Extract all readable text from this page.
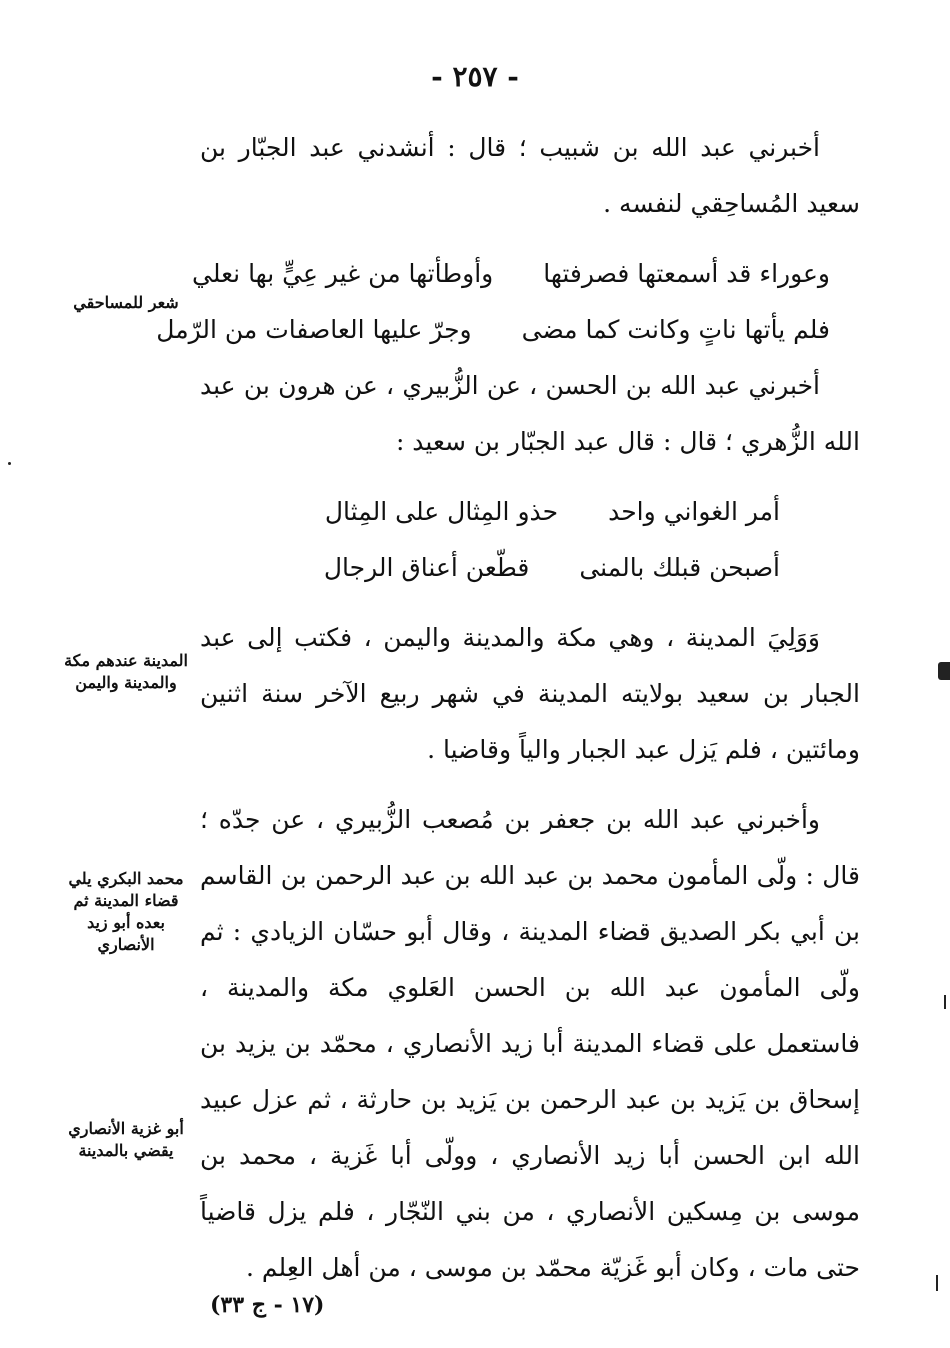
- ٢٥٧ -

أخبرني عبد الله بن شبيب ؛ قال : أنشدني عبد الجبّار بن سعيد المُساحِقي لنفسه .

وعوراء قد أسمعتها فصرفتها
وأوطأتها من غير عِيٍّ بها نعلي
فلم يأتها ناتٍ وكانت كما مضى
وجرّ عليها العاصفات من الرّمل

أخبرني عبد الله بن الحسن ، عن الزُّبيري ، عن هرون بن عبد الله الزُّهري ؛ قال : قال عبد الجبّار بن سعيد :

أمر الغواني واحد
حذو المِثال على المِثال
أصبحن قبلك بالمنى
قطّعن أعناق الرجال

وَوَلِيَ المدينة ، وهي مكة والمدينة واليمن ، فكتب إلى عبد الجبار بن سعيد بولايته المدينة في شهر ربيع الآخر سنة اثنين ومائتين ، فلم يَزل عبد الجبار والياً وقاضيا .

وأخبرني عبد الله بن جعفر بن مُصعب الزُّبيري ، عن جدّه ؛ قال : ولّى المأمون محمد بن عبد الله بن عبد الرحمن بن القاسم بن أبي بكر الصديق قضاء المدينة ، وقال أبو حسّان الزيادي : ثم ولّى المأمون عبد الله بن الحسن العَلوي مكة والمدينة ، فاستعمل على قضاء المدينة أبا زيد الأنصاري ، محمّد بن يزيد بن إسحاق بن يَزيد بن عبد الرحمن بن يَزيد بن حارثة ، ثم عزل عبيد الله ابن الحسن أبا زيد الأنصاري ، وولّى أبا غَزية ، محمد بن موسى بن مِسكين الأنصاري ، من بني النّجّار ، فلم يزل قاضياً حتى مات ، وكان أبو غَزيّة محمّد بن موسى ، من أهل العِلم .

شعر للمساحقي
المدينة عندهم مكة والمدينة واليمن
محمد البكري يلي قضاء المدينة ثم بعده أبو زيد الأنصاري
أبو غزية الأنصاري يقضي بالمدينة
(١٧ - ج ٣٣)
